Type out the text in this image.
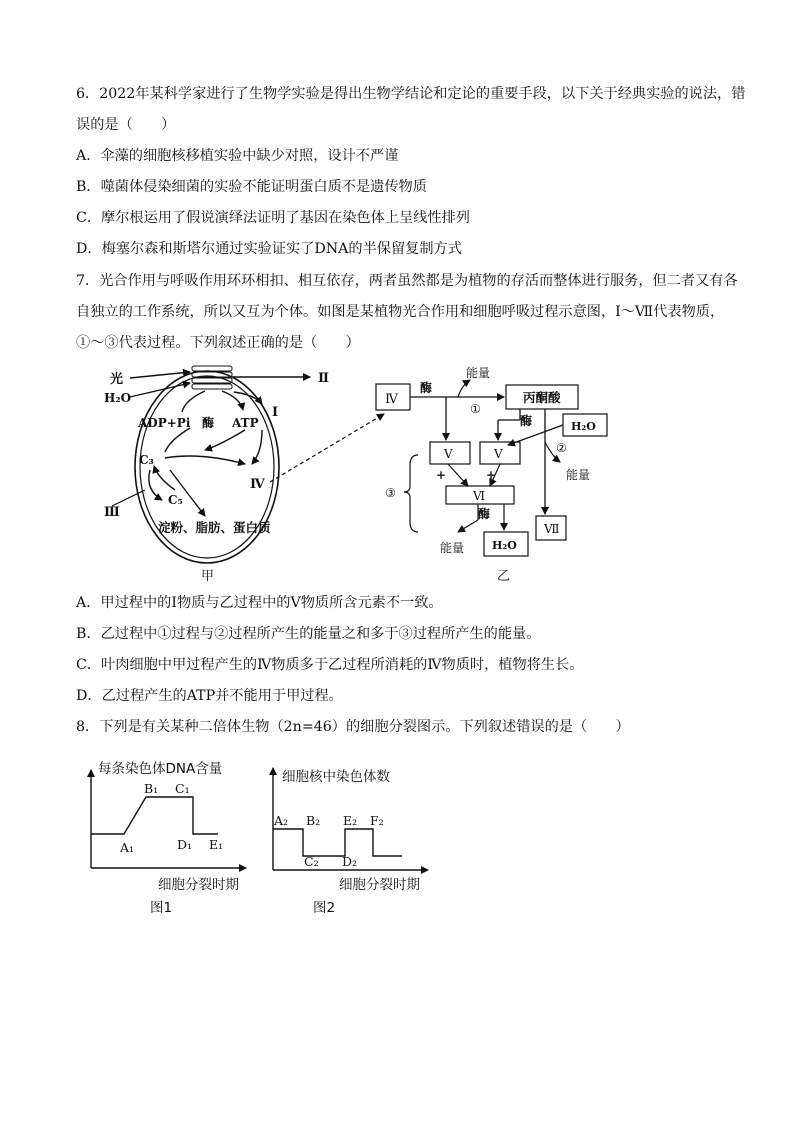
6．2022年某科学家进行了生物学实验是得出生物学结论和定论的重要手段，以下关于经典实验的说法，错
误的是（　　）
A．伞藻的细胞核移植实验中缺少对照，设计不严谨
B．噬菌体侵染细菌的实验不能证明蛋白质不是遗传物质
C．摩尔根运用了假说演绎法证明了基因在染色体上呈线性排列
D．梅塞尔森和斯塔尔通过实验证实了DNA的半保留复制方式
7．光合作用与呼吸作用环环相扣、相互依存，两者虽然都是为植物的存活而整体进行服务，但二者又有各
自独立的工作系统，所以又互为个体。如图是某植物光合作用和细胞呼吸过程示意图，Ⅰ～Ⅶ代表物质，
①～③代表过程。下列叙述正确的是（　　）
光
H₂O
Ⅱ
ADP+Pi 酶 ATP
Ⅰ
C₃
Ⅳ
C₅
Ⅲ
淀粉、脂肪、蛋白质
甲
Ⅳ
酶
能量
①
丙酮酸
酶	H₂O
②
能量
Ⅴ	Ⅴ
+	+
Ⅵ
酶
能量	H₂O
Ⅶ
③
乙
A．甲过程中的Ⅰ物质与乙过程中的Ⅴ物质所含元素不一致。
B．乙过程中①过程与②过程所产生的能量之和多于③过程所产生的能量。
C．叶肉细胞中甲过程产生的Ⅳ物质多于乙过程所消耗的Ⅳ物质时，植物将生长。
D．乙过程产生的ATP并不能用于甲过程。
8．下列是有关某种二倍体生物（2n=46）的细胞分裂图示。下列叙述错误的是（　　）
每条染色体DNA含量
A₁
B₁ C₁
D₁ E₁
细胞分裂时期
图1
细胞核中染色体数
A₂ B₂
C₂ D₂
E₂ F₂
细胞分裂时期
图2
